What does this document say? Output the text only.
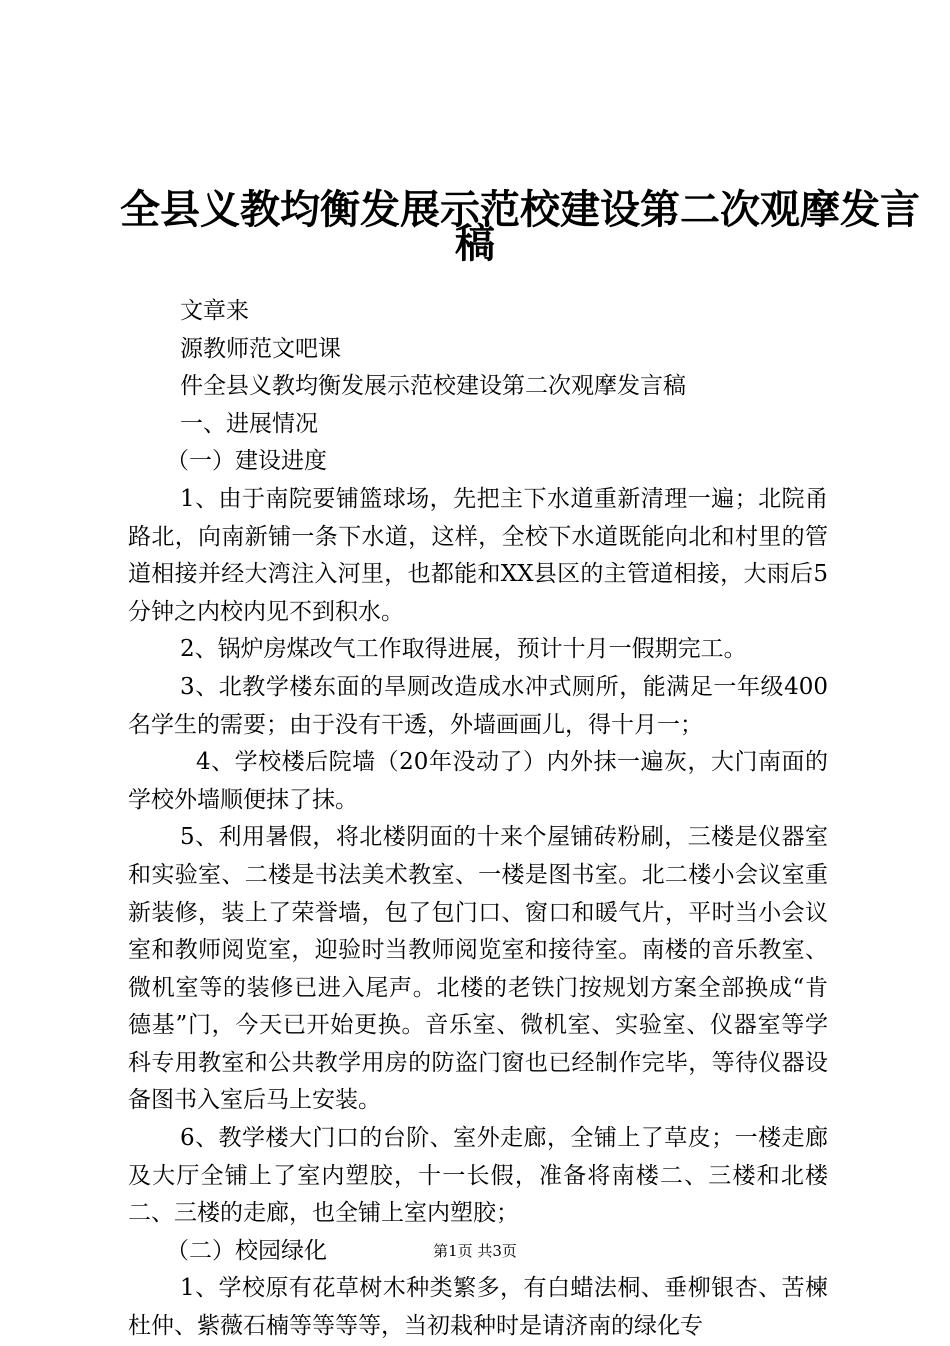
全县义教均衡发展示范校建设第二次观摩发言
稿

文章来

源教师范文吧课

件全县义教均衡发展示范校建设第二次观摩发言稿

一、进展情况

（一）建设进度

1、由于南院要铺篮球场，先把主下水道重新清理一遍；北院甬路北，向南新铺一条下水道，这样，全校下水道既能向北和村里的管道相接并经大湾注入河里，也都能和XX县区的主管道相接，大雨后5分钟之内校内见不到积水。

2、锅炉房煤改气工作取得进展，预计十月一假期完工。

3、北教学楼东面的旱厕改造成水冲式厕所，能满足一年级400名学生的需要；由于没有干透，外墙画画儿，得十月一；

4、学校楼后院墙（20年没动了）内外抹一遍灰，大门南面的学校外墙顺便抹了抹。

5、利用暑假，将北楼阴面的十来个屋铺砖粉刷，三楼是仪器室和实验室、二楼是书法美术教室、一楼是图书室。北二楼小会议室重新装修，装上了荣誉墙，包了包门口、窗口和暖气片，平时当小会议室和教师阅览室，迎验时当教师阅览室和接待室。南楼的音乐教室、微机室等的装修已进入尾声。北楼的老铁门按规划方案全部换成“肯德基”门，今天已开始更换。音乐室、微机室、实验室、仪器室等学科专用教室和公共教学用房的防盗门窗也已经制作完毕，等待仪器设备图书入室后马上安装。

6、教学楼大门口的台阶、室外走廊，全铺上了草皮；一楼走廊及大厅全铺上了室内塑胶，十一长假，准备将南楼二、三楼和北楼二、三楼的走廊，也全铺上室内塑胶；

（二）校园绿化

1、学校原有花草树木种类繁多，有白蜡法桐、垂柳银杏、苦楝杜仲、紫薇石楠等等等等，当初栽种时是请济南的绿化专

第1页 共3页
